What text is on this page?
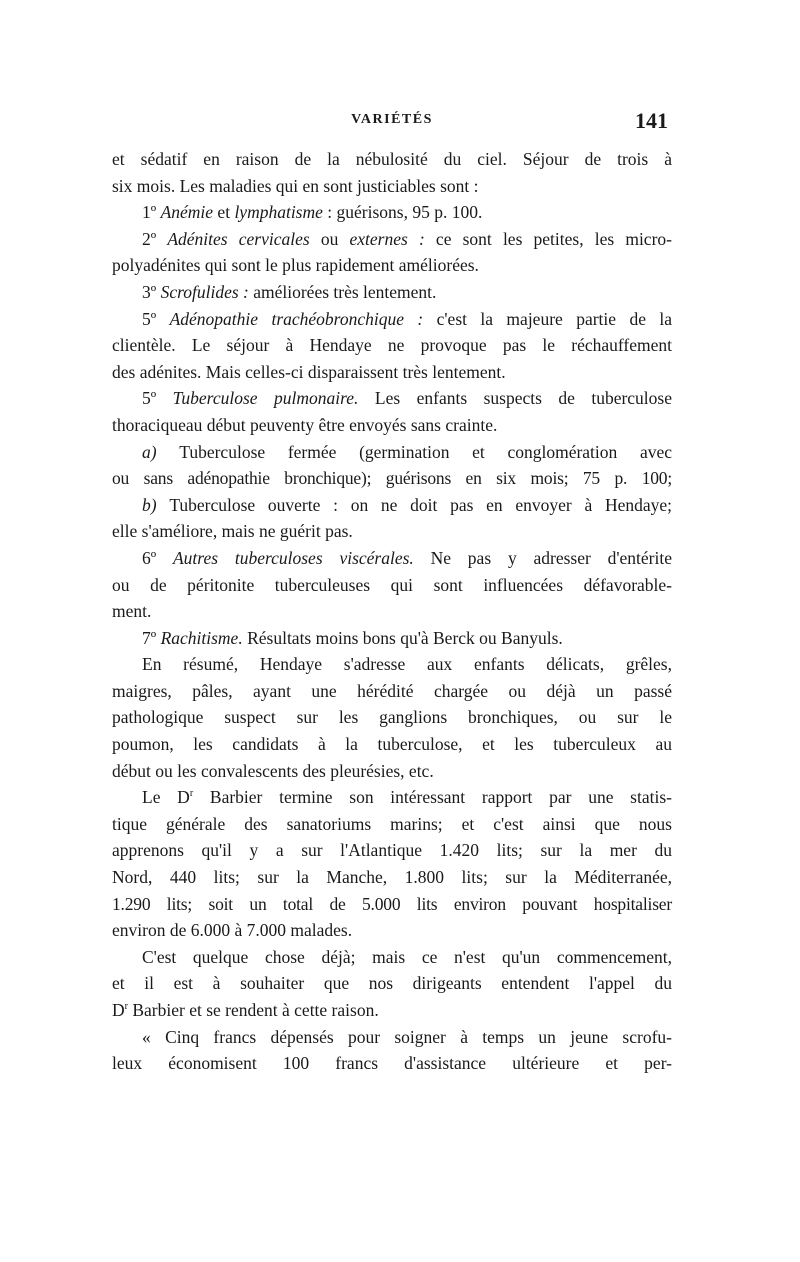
VARIÉTÉS	141
et sédatif en raison de la nébulosité du ciel. Séjour de trois à
six mois. Les maladies qui en sont justiciables sont :
1º Anémie et lymphatisme : guérisons, 95 p. 100.
2º Adénites cervicales ou externes : ce sont les petites, les micro-
polyadénites qui sont le plus rapidement améliorées.
3º Scrofulides : améliorées très lentement.
5º Adénopathie trachéobronchique : c'est la majeure partie de la
clientèle. Le séjour à Hendaye ne provoque pas le réchauffement
des adénites. Mais celles-ci disparaissent très lentement.
5º Tuberculose pulmonaire. Les enfants suspects de tuberculose
thoraciqueau début peuventy être envoyés sans crainte.
a) Tuberculose fermée (germination et conglomération avec
ou sans adénopathie bronchique); guérisons en six mois; 75 p. 100;
b) Tuberculose ouverte : on ne doit pas en envoyer à Hendaye;
elle s'améliore, mais ne guérit pas.
6º Autres tuberculoses viscérales. Ne pas y adresser d'entérite
ou de péritonite tuberculeuses qui sont influencées défavorable-
ment.
7º Rachitisme. Résultats moins bons qu'à Berck ou Banyuls.
En résumé, Hendaye s'adresse aux enfants délicats, grêles,
maigres, pâles, ayant une hérédité chargée ou déjà un passé
pathologique suspect sur les ganglions bronchiques, ou sur le
poumon, les candidats à la tuberculose, et les tuberculeux au
début ou les convalescents des pleurésies, etc.
Le $D^r$ Barbier termine son intéressant rapport par une statis-
tique générale des sanatoriums marins; et c'est ainsi que nous
apprenons qu'il y a sur l'Atlantique 1.420 lits; sur la mer du
Nord, 440 lits; sur la Manche, 1.800 lits; sur la Méditerranée,
1.290 lits; soit un total de 5.000 lits environ pouvant hospitaliser
environ de 6.000 à 7.000 malades.
C'est quelque chose déjà; mais ce n'est qu'un commencement,
et il est à souhaiter que nos dirigeants entendent l'appel du
$D^r$ Barbier et se rendent à cette raison.
« Cinq francs dépensés pour soigner à temps un jeune scrofu-
leux économisent 100 francs d'assistance ultérieure et per-
